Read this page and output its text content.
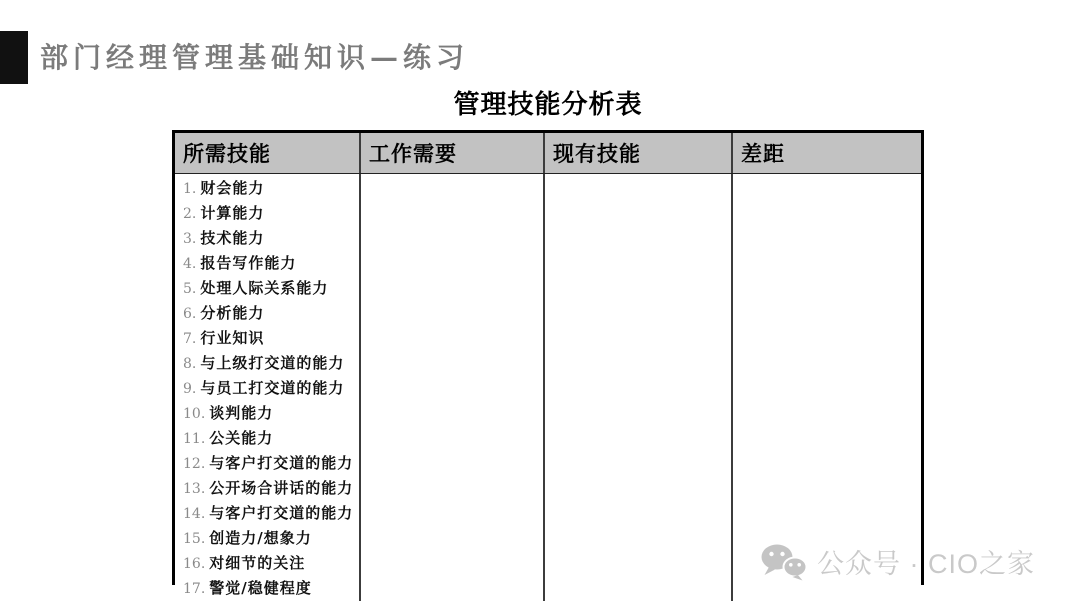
部门经理管理基础知识—练习
管理技能分析表
所需技能	工作需要	现有技能	差距
1. 财会能力
2. 计算能力
3. 技术能力
4. 报告写作能力
5. 处理人际关系能力
6. 分析能力
7. 行业知识
8. 与上级打交道的能力
9. 与员工打交道的能力
10. 谈判能力
11. 公关能力
12. 与客户打交道的能力
13. 公开场合讲话的能力
14. 与客户打交道的能力
15. 创造力/想象力
16. 对细节的关注
17. 警觉/稳健程度
公众号 · CIO之家
